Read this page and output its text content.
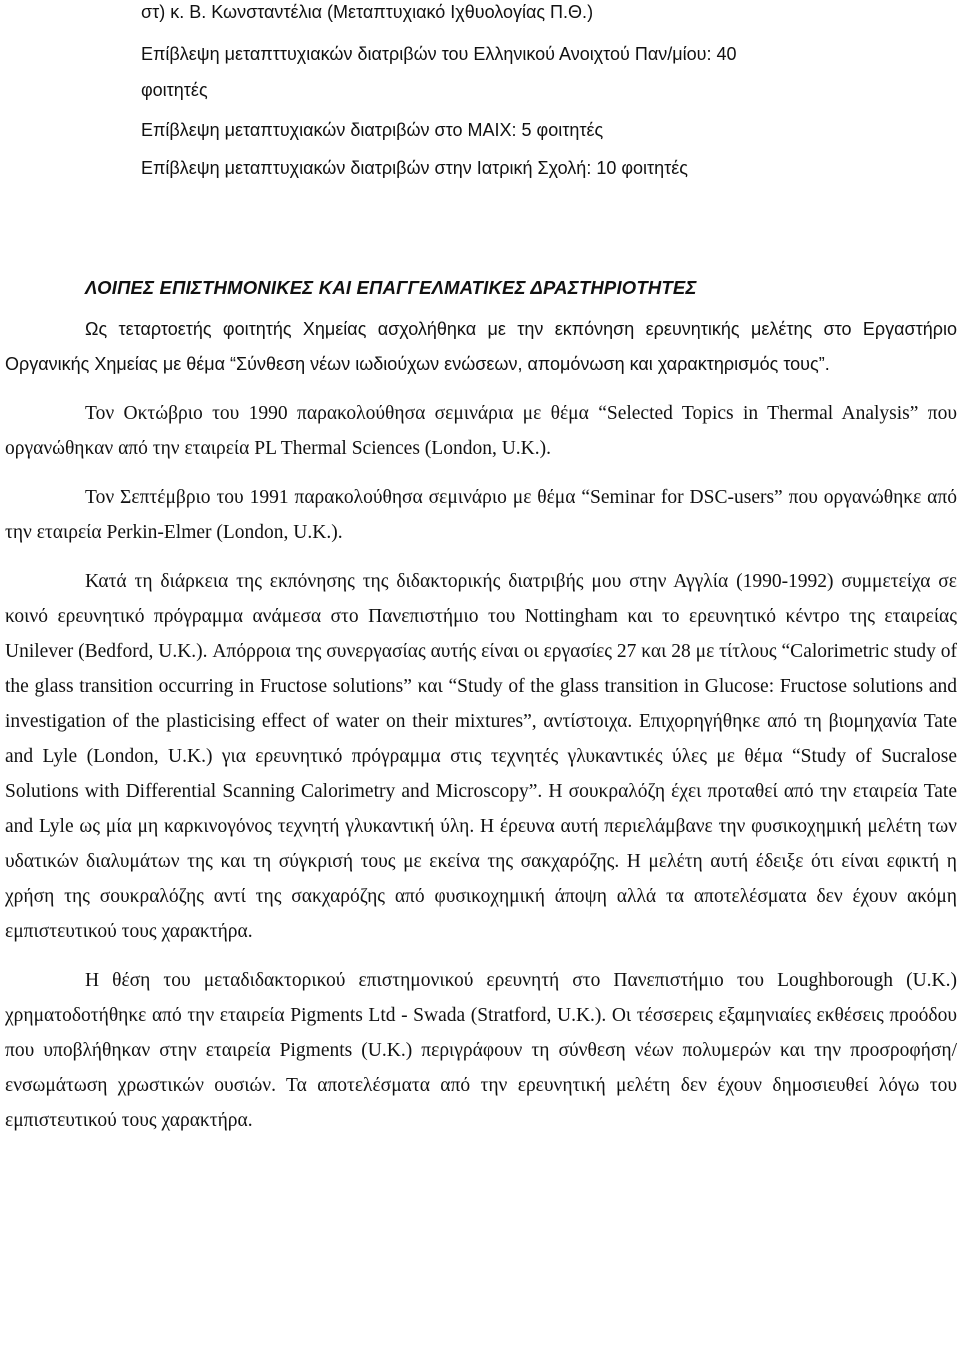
στ) κ. Β. Κωνσταντέλια (Μεταπτυχιακό Ιχθυολογίας Π.Θ.)

Επίβλεψη μεταπττυχιακών διατριβών του Ελληνικού Ανοιχτού Παν/μίου: 40

φοιτητές

Επίβλεψη μεταπτυχιακών διατριβών στο ΜΑΙΧ: 5 φοιτητές

Επίβλεψη μεταπτυχιακών διατριβών στην Ιατρική Σχολή: 10 φοιτητές

ΛΟΙΠΕΣ ΕΠΙΣΤΗΜΟΝΙΚΕΣ ΚΑΙ ΕΠΑΓΓΕΛΜΑΤΙΚΕΣ ΔΡΑΣΤΗΡΙΟΤΗΤΕΣ

Ως τεταρτοετής φοιτητής Χημείας ασχολήθηκα με την εκπόνηση ερευνητικής μελέτης στο Εργαστήριο Οργανικής Χημείας με θέμα “Σύνθεση νέων ιωδιούχων ενώσεων, απομόνωση και χαρακτηρισμός τους”.

Τον Οκτώβριο του 1990 παρακολούθησα σεμινάρια με θέμα “Selected Topics in Thermal Analysis” που οργανώθηκαν από την εταιρεία PL Thermal Sciences (London, U.K.).

Τον Σεπτέμβριο του 1991 παρακολούθησα σεμινάριο με θέμα “Seminar for DSC-users” που οργανώθηκε από την εταιρεία Perkin-Elmer (London, U.K.).

Κατά τη διάρκεια της εκπόνησης της διδακτορικής διατριβής μου στην Αγγλία (1990-1992) συμμετείχα σε κοινό ερευνητικό πρόγραμμα ανάμεσα στο Πανεπιστήμιο του Nottingham και το ερευνητικό κέντρο της εταιρείας Unilever (Bedford, U.K.). Απόρροια της συνεργασίας αυτής είναι οι εργασίες 27 και 28 με τίτλους “Calorimetric study of the glass transition occurring in Fructose solutions” και “Study of the glass transition in Glucose: Fructose solutions and investigation of the plasticising effect of water on their mixtures”, αντίστοιχα. Επιχορηγήθηκε από τη βιομηχανία Tate and Lyle (London, U.K.) για ερευνητικό πρόγραμμα στις τεχνητές γλυκαντικές ύλες με θέμα “Study of Sucralose Solutions with Differential Scanning Calorimetry and Microscopy”. Η σουκραλόζη έχει προταθεί από την εταιρεία Tate and Lyle ως μία μη καρκινογόνος τεχνητή γλυκαντική ύλη. Η έρευνα αυτή περιελάμβανε την φυσικοχημική μελέτη των υδατικών διαλυμάτων της και τη σύγκρισή τους με εκείνα της σακχαρόζης. Η μελέτη αυτή έδειξε ότι είναι εφικτή η χρήση της σουκραλόζης αντί της σακχαρόζης από φυσικοχημική άποψη αλλά τα αποτελέσματα δεν έχουν ακόμη εμπιστευτικού τους χαρακτήρα.

Η θέση του μεταδιδακτορικού επιστημονικού ερευνητή στο Πανεπιστήμιο του Loughborough (U.K.) χρηματοδοτήθηκε από την εταιρεία Pigments Ltd - Swada (Stratford, U.K.). Οι τέσσερεις εξαμηνιαίες εκθέσεις προόδου που υποβλήθηκαν στην εταιρεία Pigments (U.K.) περιγράφουν τη σύνθεση νέων πολυμερών και την προσροφήση/ ενσωμάτωση χρωστικών ουσιών. Τα αποτελέσματα από την ερευνητική μελέτη δεν έχουν δημοσιευθεί λόγω του εμπιστευτικού τους χαρακτήρα.
